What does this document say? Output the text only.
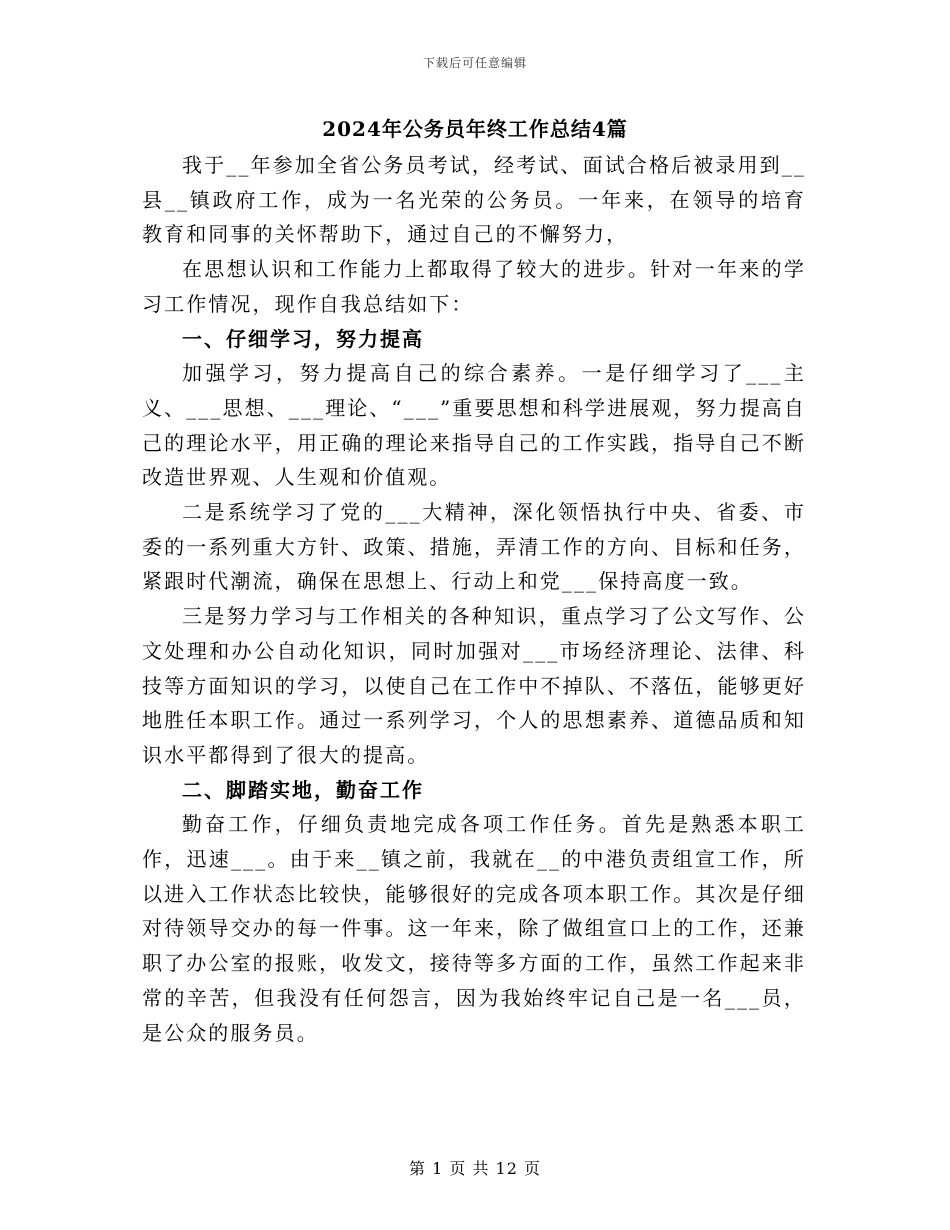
下载后可任意编辑
2024年公务员年终工作总结4篇

我于__年参加全省公务员考试，经考试、面试合格后被录用到__县__镇政府工作，成为一名光荣的公务员。一年来，在领导的培育教育和同事的关怀帮助下，通过自己的不懈努力，

在思想认识和工作能力上都取得了较大的进步。针对一年来的学习工作情况，现作自我总结如下：

一、仔细学习，努力提高

加强学习，努力提高自己的综合素养。一是仔细学习了___主义、___思想、___理论、“___”重要思想和科学进展观，努力提高自己的理论水平，用正确的理论来指导自己的工作实践，指导自己不断改造世界观、人生观和价值观。

二是系统学习了党的___大精神，深化领悟执行中央、省委、市委的一系列重大方针、政策、措施，弄清工作的方向、目标和任务，紧跟时代潮流，确保在思想上、行动上和党___保持高度一致。

三是努力学习与工作相关的各种知识，重点学习了公文写作、公文处理和办公自动化知识，同时加强对___市场经济理论、法律、科技等方面知识的学习，以使自己在工作中不掉队、不落伍，能够更好地胜任本职工作。通过一系列学习，个人的思想素养、道德品质和知识水平都得到了很大的提高。

二、脚踏实地，勤奋工作

勤奋工作，仔细负责地完成各项工作任务。首先是熟悉本职工作，迅速___。由于来__镇之前，我就在__的中港负责组宣工作，所以进入工作状态比较快，能够很好的完成各项本职工作。其次是仔细对待领导交办的每一件事。这一年来，除了做组宣口上的工作，还兼职了办公室的报账，收发文，接待等多方面的工作，虽然工作起来非常的辛苦，但我没有任何怨言，因为我始终牢记自己是一名___员，是公众的服务员。

第 1 页 共 12 页
